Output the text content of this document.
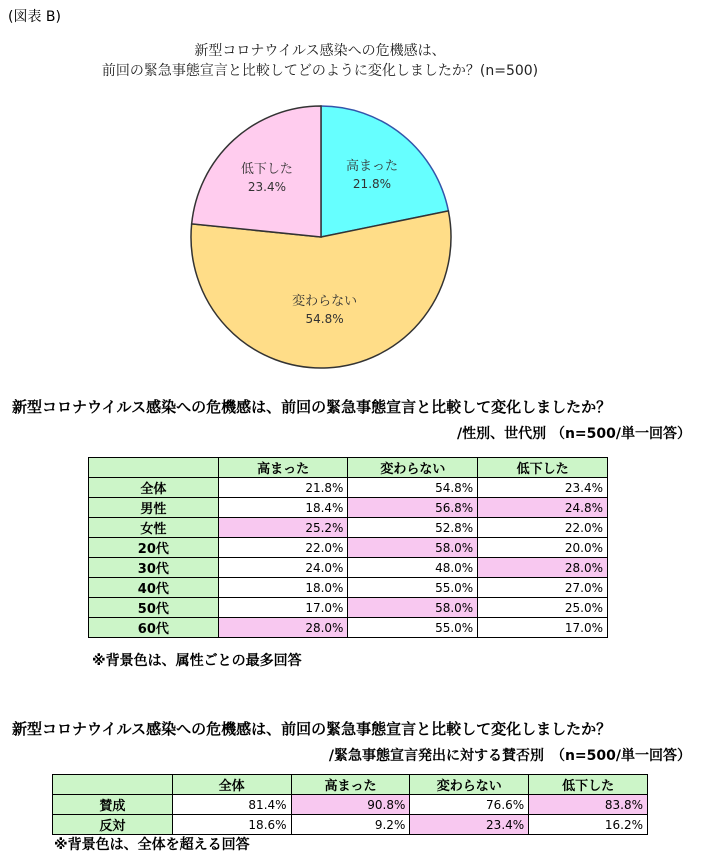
(図表 B)
新型コロナウイルス感染への危機感は、
前回の緊急事態宣言と比較してどのように変化しましたか？(n=500)
高まった
21.8%
変わらない
54.8%
低下した
23.4%
新型コロナウイルス感染への危機感は、前回の緊急事態宣言と比較して変化しましたか？
/性別、世代別 （n=500/単一回答）
	高まった	変わらない	低下した
全体	21.8%	54.8%	23.4%
男性	18.4%	56.8%	24.8%
女性	25.2%	52.8%	22.0%
20代	22.0%	58.0%	20.0%
30代	24.0%	48.0%	28.0%
40代	18.0%	55.0%	27.0%
50代	17.0%	58.0%	25.0%
60代	28.0%	55.0%	17.0%
※背景色は、属性ごとの最多回答
新型コロナウイルス感染への危機感は、前回の緊急事態宣言と比較して変化しましたか？
/緊急事態宣言発出に対する賛否別　（n=500/単一回答）
	全体	高まった	変わらない	低下した
賛成	81.4%	90.8%	76.6%	83.8%
反対	18.6%	9.2%	23.4%	16.2%
※背景色は、全体を超える回答
